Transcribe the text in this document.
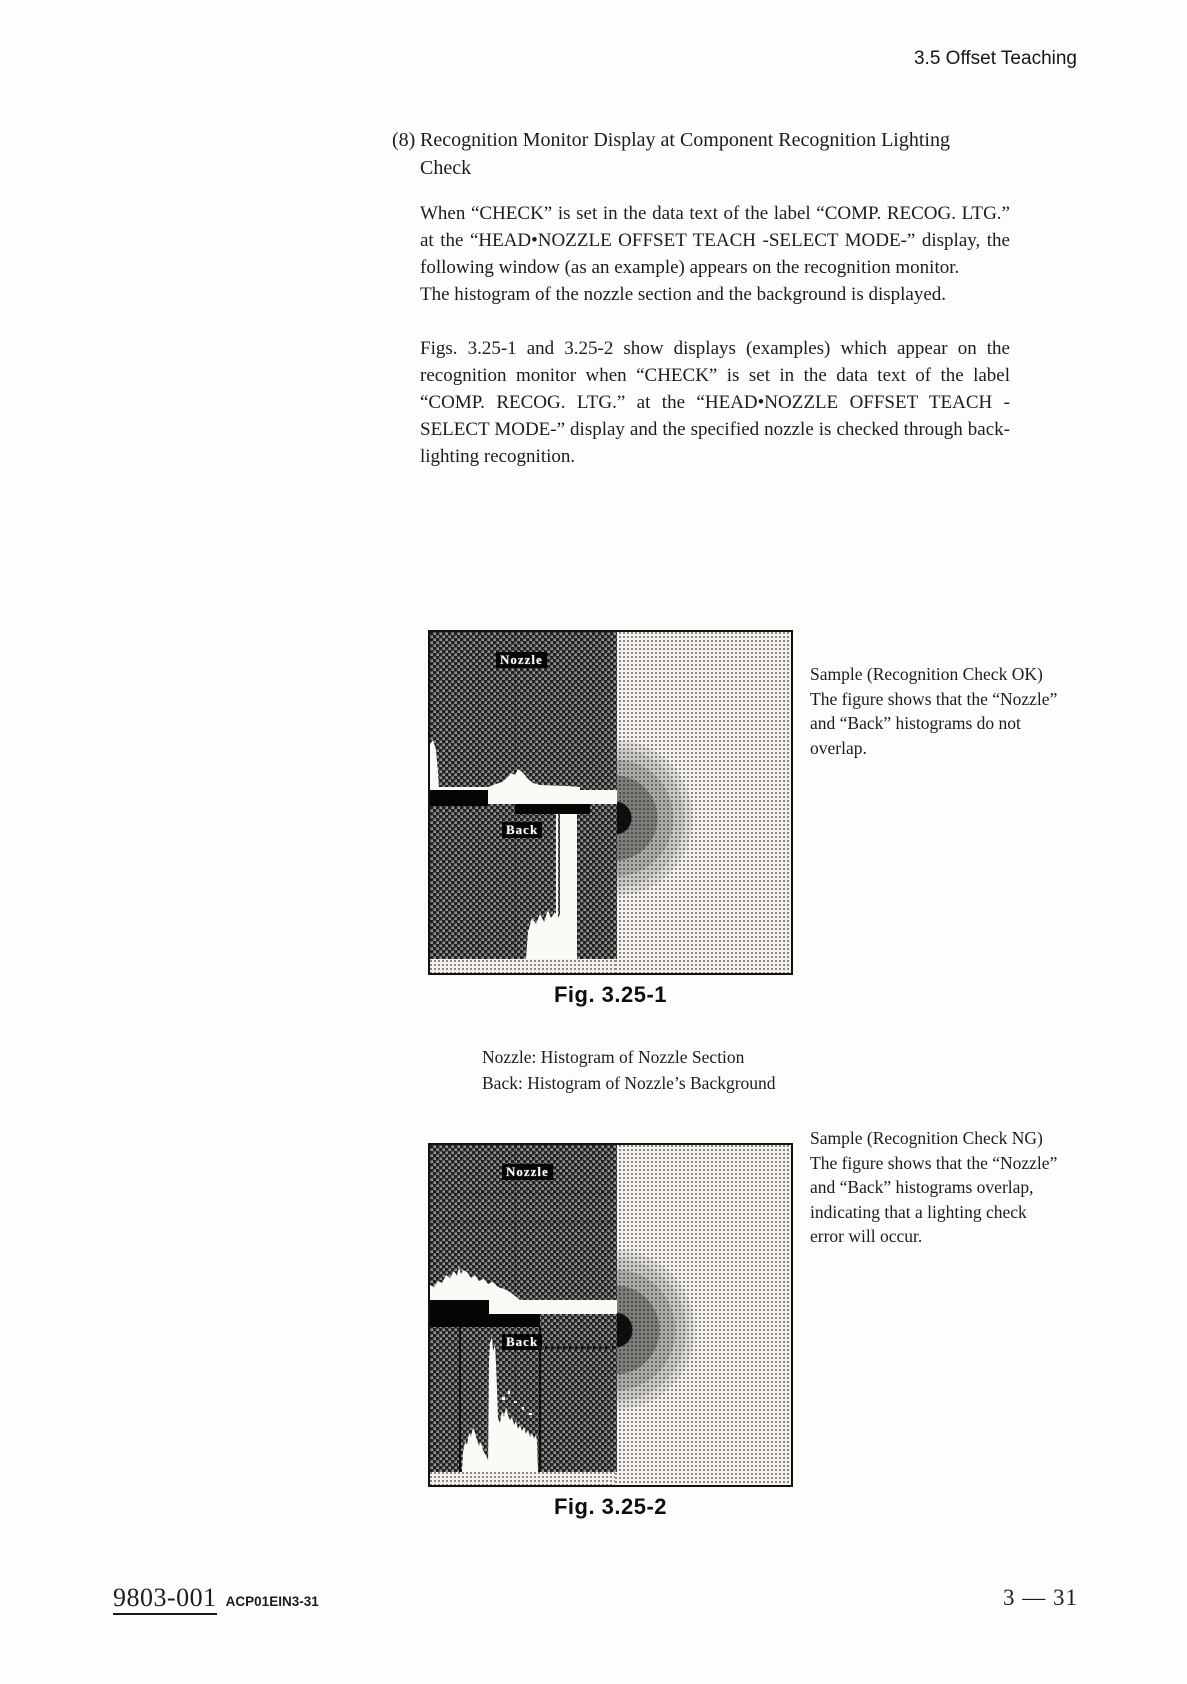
3.5 Offset Teaching
(8) Recognition Monitor Display at Component Recognition Lighting
Check

When “CHECK” is set in the data text of the label “COMP. RECOG. LTG.” at the “HEAD•NOZZLE OFFSET TEACH -SELECT MODE-” display, the following window (as an example) appears on the recognition monitor.

The histogram of the nozzle section and the background is displayed.

Figs. 3.25-1 and 3.25-2 show displays (examples) which appear on the recognition monitor when “CHECK” is set in the data text of the label “COMP. RECOG. LTG.” at the “HEAD•NOZZLE OFFSET TEACH -SELECT MODE-” display and the specified nozzle is checked through back-lighting recognition.

Nozzle
Back
Fig. 3.25-1
Sample (Recognition Check OK)
The figure shows that the “Nozzle”
and “Back” histograms do not
overlap.
Nozzle: Histogram of Nozzle Section
Back: Histogram of Nozzle’s Background
Nozzle
Back
Fig. 3.25-2
Sample (Recognition Check NG)
The figure shows that the “Nozzle”
and “Back” histograms overlap,
indicating that a lighting check
error will occur.
9803-001 ACP01EIN3-31	3 — 31
